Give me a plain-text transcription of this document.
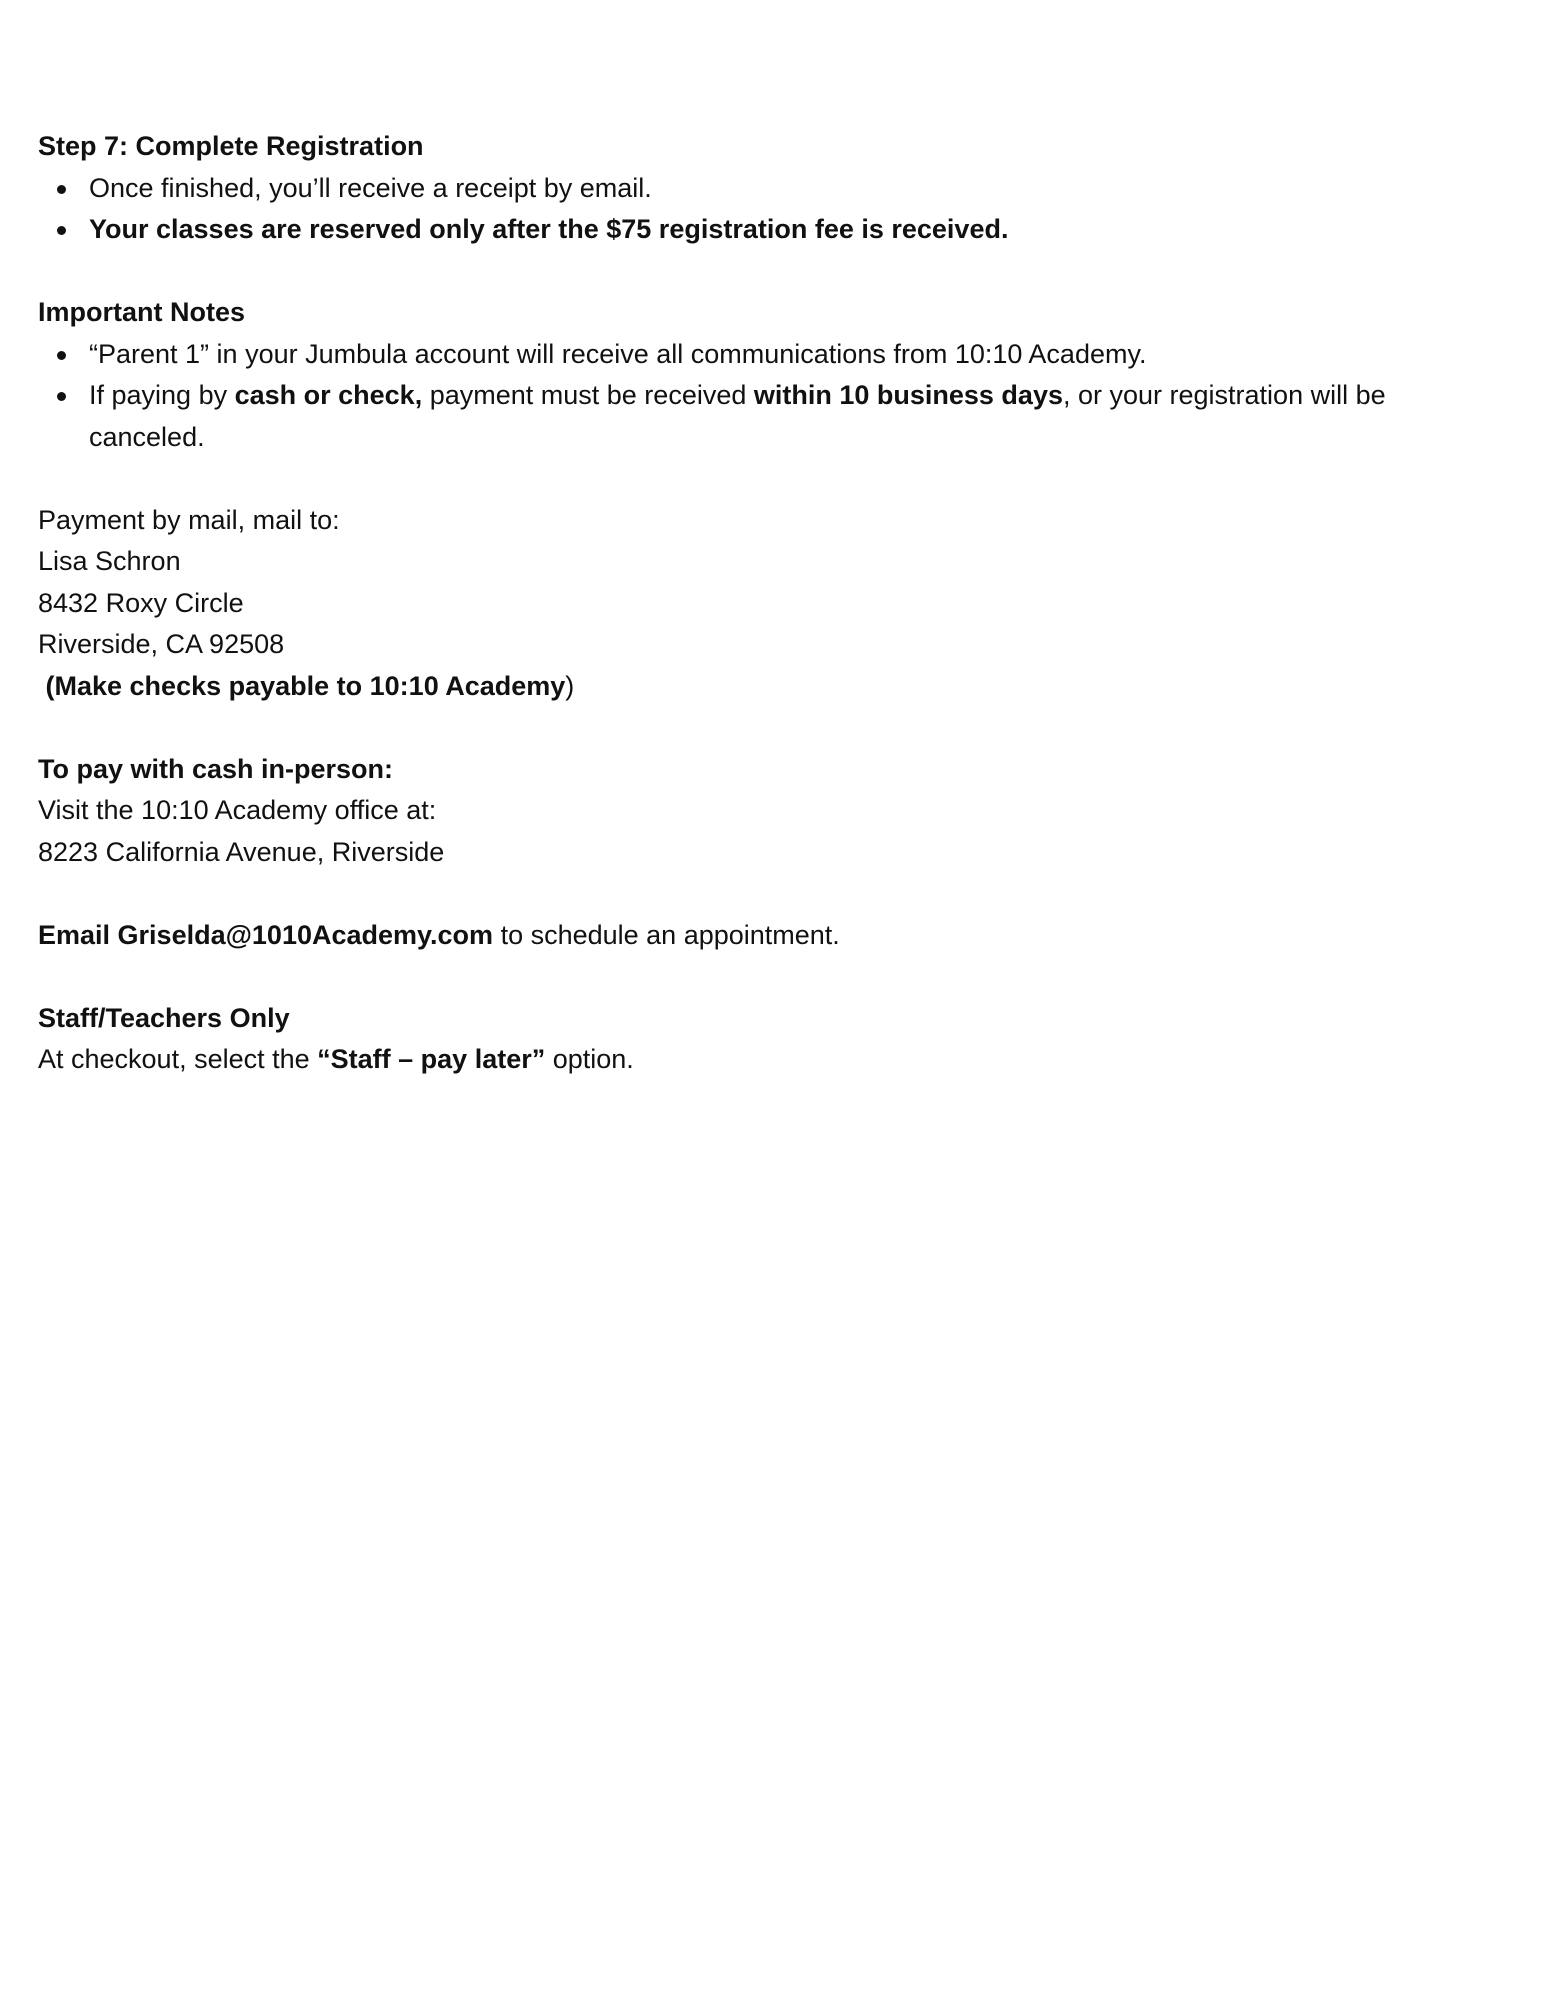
Step 7: Complete Registration
Once finished, you’ll receive a receipt by email.
Your classes are reserved only after the $75 registration fee is received.
Important Notes
“Parent 1” in your Jumbula account will receive all communications from 10:10 Academy.
If paying by cash or check, payment must be received within 10 business days, or your registration will be canceled.
Payment by mail, mail to:
Lisa Schron
8432 Roxy Circle
Riverside, CA 92508
(Make checks payable to 10:10 Academy)
To pay with cash in-person:
Visit the 10:10 Academy office at:
8223 California Avenue, Riverside
Email Griselda@1010Academy.com to schedule an appointment.
Staff/Teachers Only
At checkout, select the “Staff – pay later” option.
